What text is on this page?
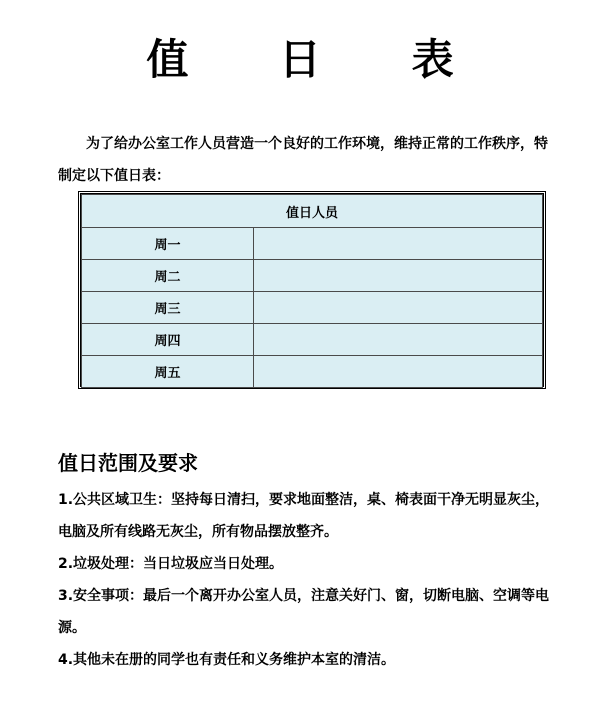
值 日 表
为了给办公室工作人员营造一个良好的工作环境，维持正常的工作秩序，特制定以下值日表：
值日人员	
周一	
周二	
周三	
周四	
周五	
值日范围及要求

1.公共区域卫生：坚持每日清扫，要求地面整洁，桌、椅表面干净无明显灰尘，电脑及所有线路无灰尘，所有物品摆放整齐。

2.垃圾处理：当日垃圾应当日处理。

3.安全事项：最后一个离开办公室人员，注意关好门、窗，切断电脑、空调等电源。

4.其他未在册的同学也有责任和义务维护本室的清洁。
